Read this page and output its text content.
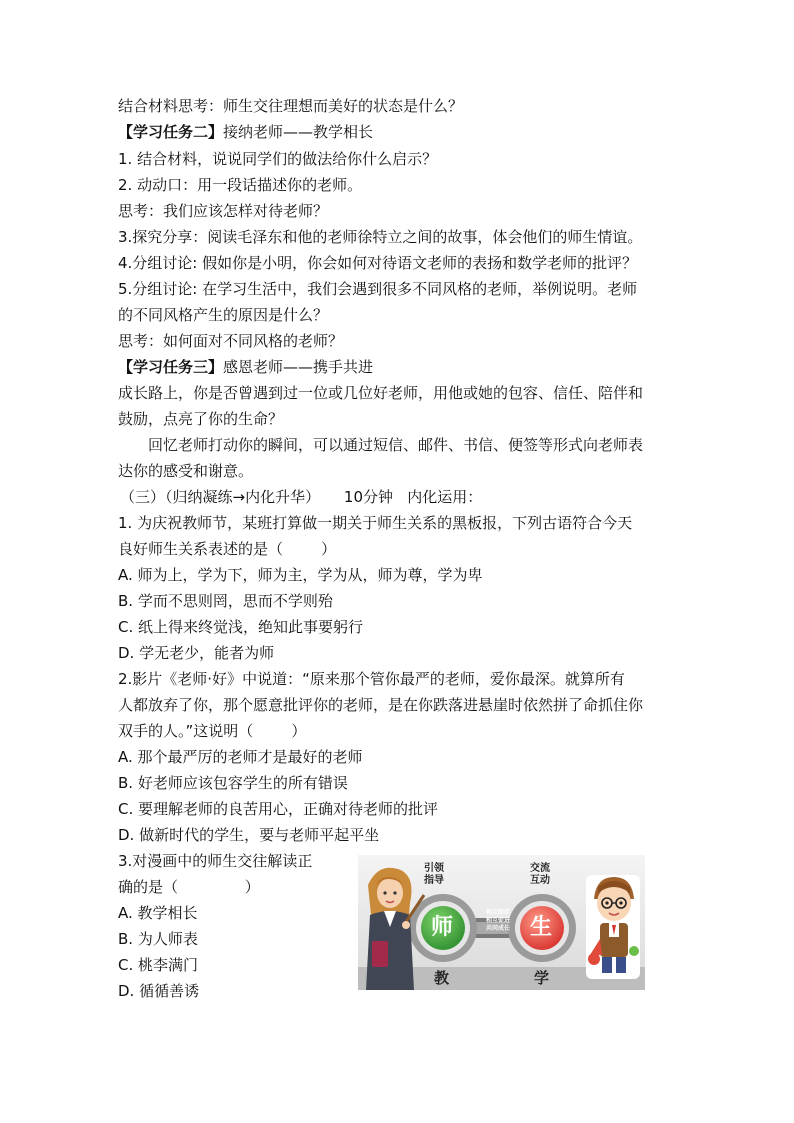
结合材料思考：师生交往理想而美好的状态是什么？
【学习任务二】接纳老师——教学相长
1. 结合材料，说说同学们的做法给你什么启示？
2. 动动口：用一段话描述你的老师。
思考：我们应该怎样对待老师？
3.探究分享：阅读毛泽东和他的老师徐特立之间的故事，体会他们的师生情谊。
4.分组讨论: 假如你是小明，你会如何对待语文老师的表扬和数学老师的批评？
5.分组讨论: 在学习生活中，我们会遇到很多不同风格的老师，举例说明。老师
的不同风格产生的原因是什么？
思考：如何面对不同风格的老师？
【学习任务三】感恩老师——携手共进
成长路上，你是否曾遇到过一位或几位好老师，用他或她的包容、信任、陪伴和
鼓励，点亮了你的生命？
回忆老师打动你的瞬间，可以通过短信、邮件、书信、便签等形式向老师表
达你的感受和谢意。
（三）（归纳凝练→内化升华）     10分钟   内化运用：
1. 为庆祝教师节，某班打算做一期关于师生关系的黑板报，下列古语符合今天
良好师生关系表述的是（        ）
A. 师为上，学为下，师为主，学为从，师为尊，学为卑
B. 学而不思则罔，思而不学则殆
C. 纸上得来终觉浅，绝知此事要躬行
D. 学无老少，能者为师
2.影片《老师·好》中说道：“原来那个管你最严的老师，爱你最深。就算所有
人都放弃了你，那个愿意批评你的老师，是在你跌落进悬崖时依然拼了命抓住你
双手的人。”这说明（        ）
A. 那个最严厉的老师才是最好的老师
B. 好老师应该包容学生的所有错误
C. 要理解老师的良苦用心，正确对待老师的批评
D. 做新时代的学生，要与老师平起平坐
3.对漫画中的师生交往解读正
确的是（              ）
A. 教学相长
B. 为人师表
C. 桃李满门
D. 循循善诱
引领
指导
交流
互动
师	生
相互陪伴
相互促进
共同成长
教	学
